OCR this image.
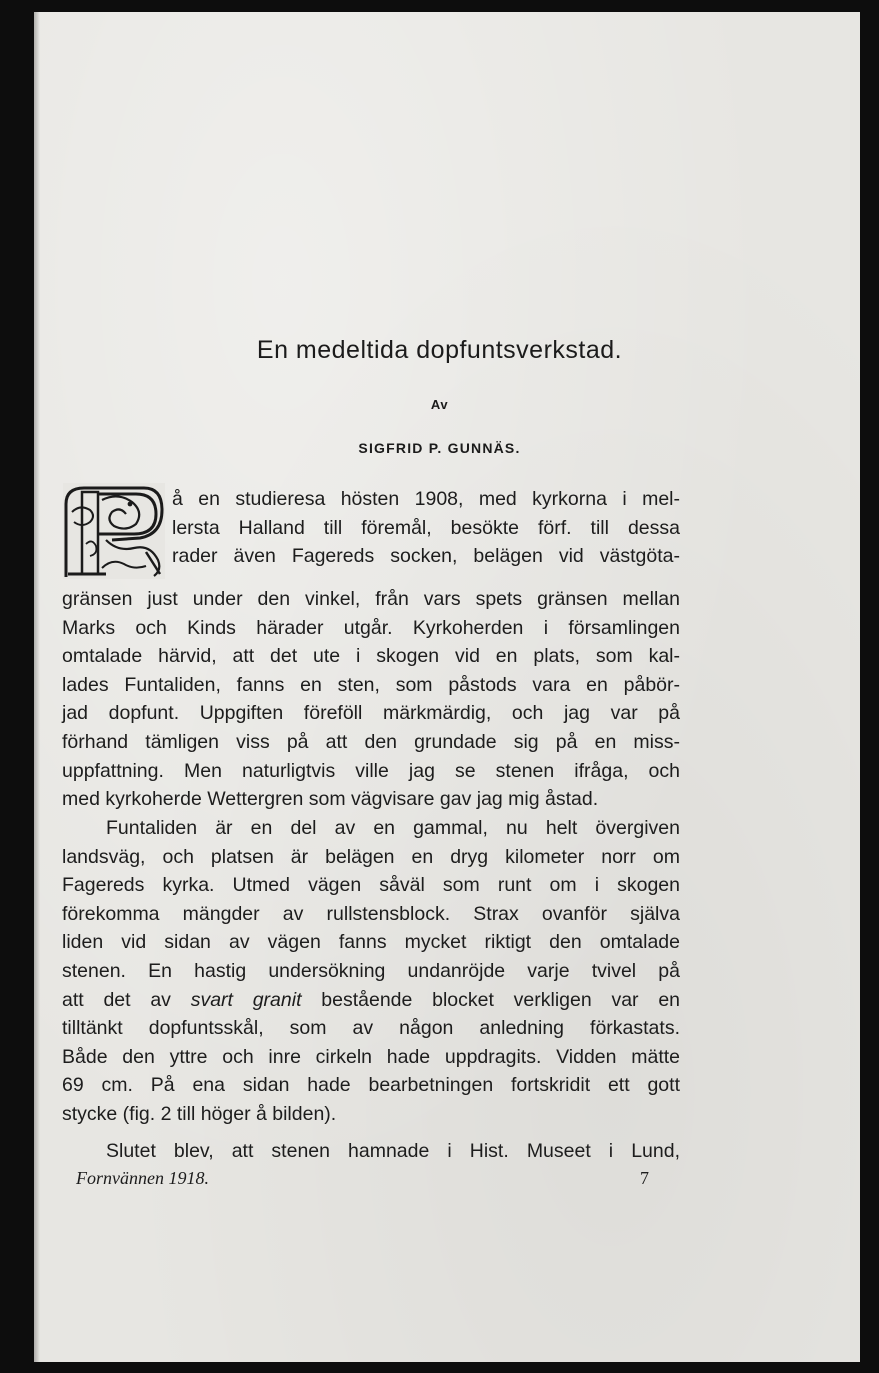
En medeltida dopfuntsverkstad.
Av
SIGFRID P. GUNNÄS.
å en studieresa hösten 1908, med kyrkorna i mel-
lersta Halland till föremål, besökte förf. till dessa
rader även Fagereds socken, belägen vid västgöta-
gränsen just under den vinkel, från vars spets gränsen mellan
Marks och Kinds härader utgår. Kyrkoherden i församlingen
omtalade härvid, att det ute i skogen vid en plats, som kal-
lades Funtaliden, fanns en sten, som påstods vara en påbör-
jad dopfunt. Uppgiften föreföll märkmärdig, och jag var på
förhand tämligen viss på att den grundade sig på en miss-
uppfattning. Men naturligtvis ville jag se stenen ifråga, och
med kyrkoherde Wettergren som vägvisare gav jag mig åstad.
Funtaliden är en del av en gammal, nu helt övergiven
landsväg, och platsen är belägen en dryg kilometer norr om
Fagereds kyrka. Utmed vägen såväl som runt om i skogen
förekomma mängder av rullstensblock. Strax ovanför själva
liden vid sidan av vägen fanns mycket riktigt den omtalade
stenen. En hastig undersökning undanröjde varje tvivel på
att det av svart granit bestående blocket verkligen var en
tilltänkt dopfuntsskål, som av någon anledning förkastats.
Både den yttre och inre cirkeln hade uppdragits. Vidden mätte
69 cm. På ena sidan hade bearbetningen fortskridit ett gott
stycke (fig. 2 till höger å bilden).
Slutet blev, att stenen hamnade i Hist. Museet i Lund,
Fornvännen 1918.	7
